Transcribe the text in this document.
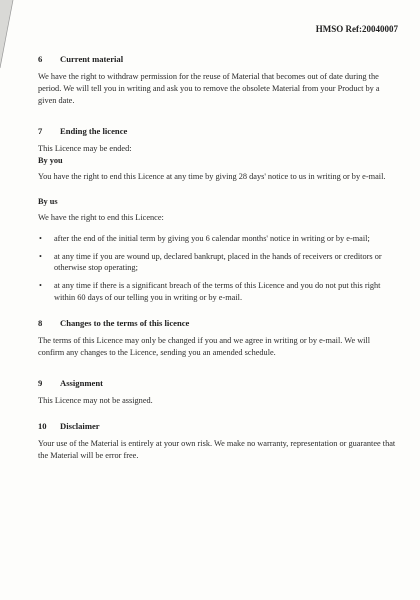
HMSO Ref:20040007
6	Current material

We have the right to withdraw permission for the reuse of Material that becomes out of date during the period. We will tell you in writing and ask you to remove the obsolete Material from your Product by a given date.

7	Ending the licence

This Licence may be ended:

By you

You have the right to end this Licence at any time by giving 28 days' notice to us in writing or by e-mail.

By us

We have the right to end this Licence:

• after the end of the initial term by giving you 6 calendar months' notice in writing or by e-mail;
• at any time if you are wound up, declared bankrupt, placed in the hands of receivers or creditors or otherwise stop operating;
• at any time if there is a significant breach of the terms of this Licence and you do not put this right within 60 days of our telling you in writing or by e-mail.
8	Changes to the terms of this licence

The terms of this Licence may only be changed if you and we agree in writing or by e-mail. We will confirm any changes to the Licence, sending you an amended schedule.

9	Assignment

This Licence may not be assigned.

10	Disclaimer

Your use of the Material is entirely at your own risk. We make no warranty, representation or guarantee that the Material will be error free.
